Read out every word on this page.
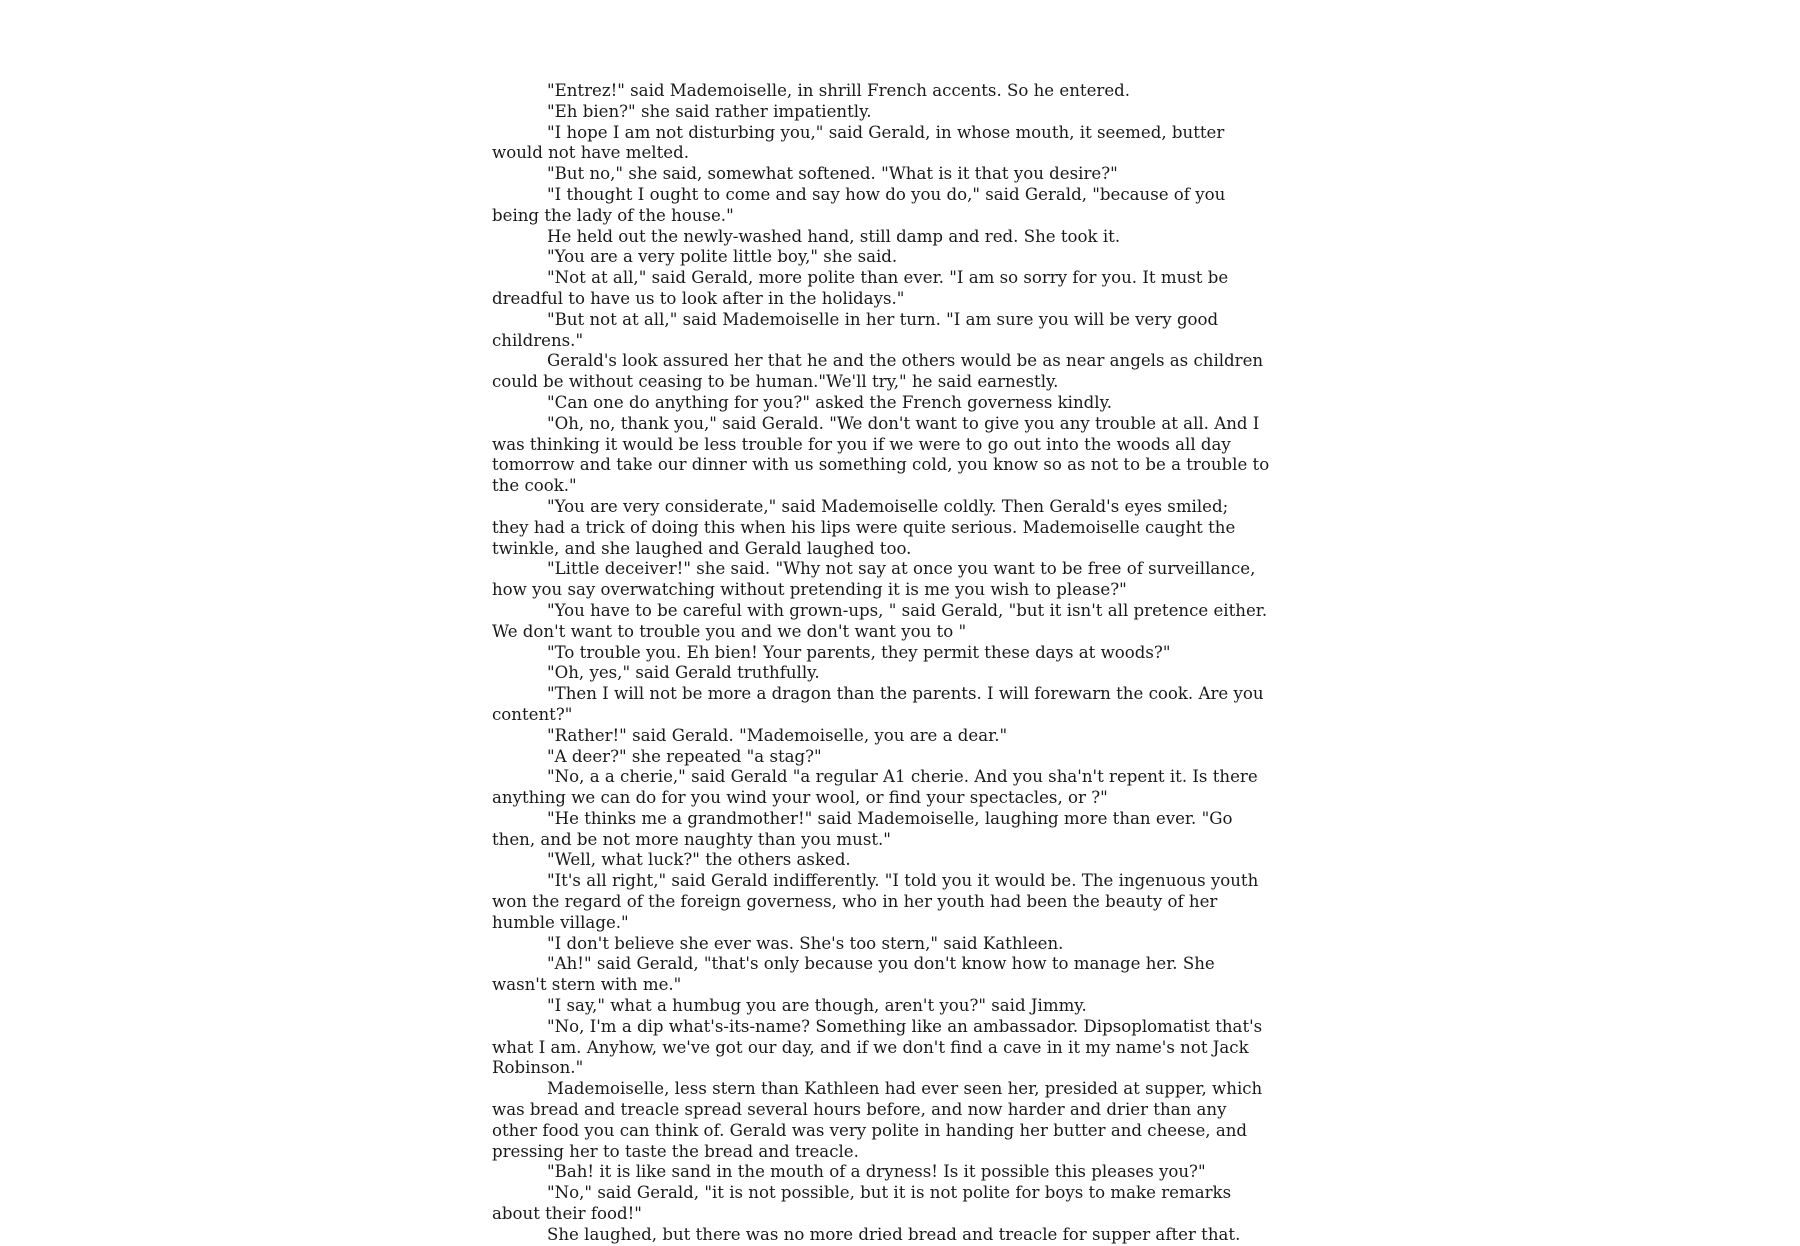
"Entrez!" said Mademoiselle, in shrill French accents. So he entered.

"Eh bien?" she said rather impatiently.

"I hope I am not disturbing you," said Gerald, in whose mouth, it seemed, butter would not have melted.

"But no," she said, somewhat softened. "What is it that you desire?"

"I thought I ought to come and say how do you do," said Gerald, "because of you being the lady of the house."

He held out the newly-washed hand, still damp and red. She took it.

"You are a very polite little boy," she said.

"Not at all," said Gerald, more polite than ever. "I am so sorry for you. It must be dreadful to have us to look after in the holidays."

"But not at all," said Mademoiselle in her turn. "I am sure you will be very good childrens."

Gerald's look assured her that he and the others would be as near angels as children could be without ceasing to be human."We'll try," he said earnestly.

"Can one do anything for you?" asked the French governess kindly.

"Oh, no, thank you," said Gerald. "We don't want to give you any trouble at all. And I was thinking it would be less trouble for you if we were to go out into the woods all day tomorrow and take our dinner with us something cold, you know so as not to be a trouble to the cook."

"You are very considerate," said Mademoiselle coldly. Then Gerald's eyes smiled; they had a trick of doing this when his lips were quite serious. Mademoiselle caught the twinkle, and she laughed and Gerald laughed too.

"Little deceiver!" she said. "Why not say at once you want to be free of surveillance, how you say overwatching without pretending it is me you wish to please?"

"You have to be careful with grown-ups, " said Gerald, "but it isn't all pretence either. We don't want to trouble you and we don't want you to "

"To trouble you. Eh bien! Your parents, they permit these days at woods?"

"Oh, yes," said Gerald truthfully.

"Then I will not be more a dragon than the parents. I will forewarn the cook. Are you content?"

"Rather!" said Gerald. "Mademoiselle, you are a dear."

"A deer?" she repeated "a stag?"

"No, a a cherie," said Gerald "a regular A1 cherie. And you sha'n't repent it. Is there anything we can do for you wind your wool, or find your spectacles, or ?"

"He thinks me a grandmother!" said Mademoiselle, laughing more than ever. "Go then, and be not more naughty than you must."

"Well, what luck?" the others asked.

"It's all right," said Gerald indifferently. "I told you it would be. The ingenuous youth won the regard of the foreign governess, who in her youth had been the beauty of her humble village."

"I don't believe she ever was. She's too stern," said Kathleen.

"Ah!" said Gerald, "that's only because you don't know how to manage her. She wasn't stern with me."

"I say," what a humbug you are though, aren't you?" said Jimmy.

"No, I'm a dip what's-its-name? Something like an ambassador. Dipsoplomatist that's what I am. Anyhow, we've got our day, and if we don't find a cave in it my name's not Jack Robinson."

Mademoiselle, less stern than Kathleen had ever seen her, presided at supper, which was bread and treacle spread several hours before, and now harder and drier than any other food you can think of. Gerald was very polite in handing her butter and cheese, and pressing her to taste the bread and treacle.

"Bah! it is like sand in the mouth of a dryness! Is it possible this pleases you?"

"No," said Gerald, "it is not possible, but it is not polite for boys to make remarks about their food!"

She laughed, but there was no more dried bread and treacle for supper after that.
